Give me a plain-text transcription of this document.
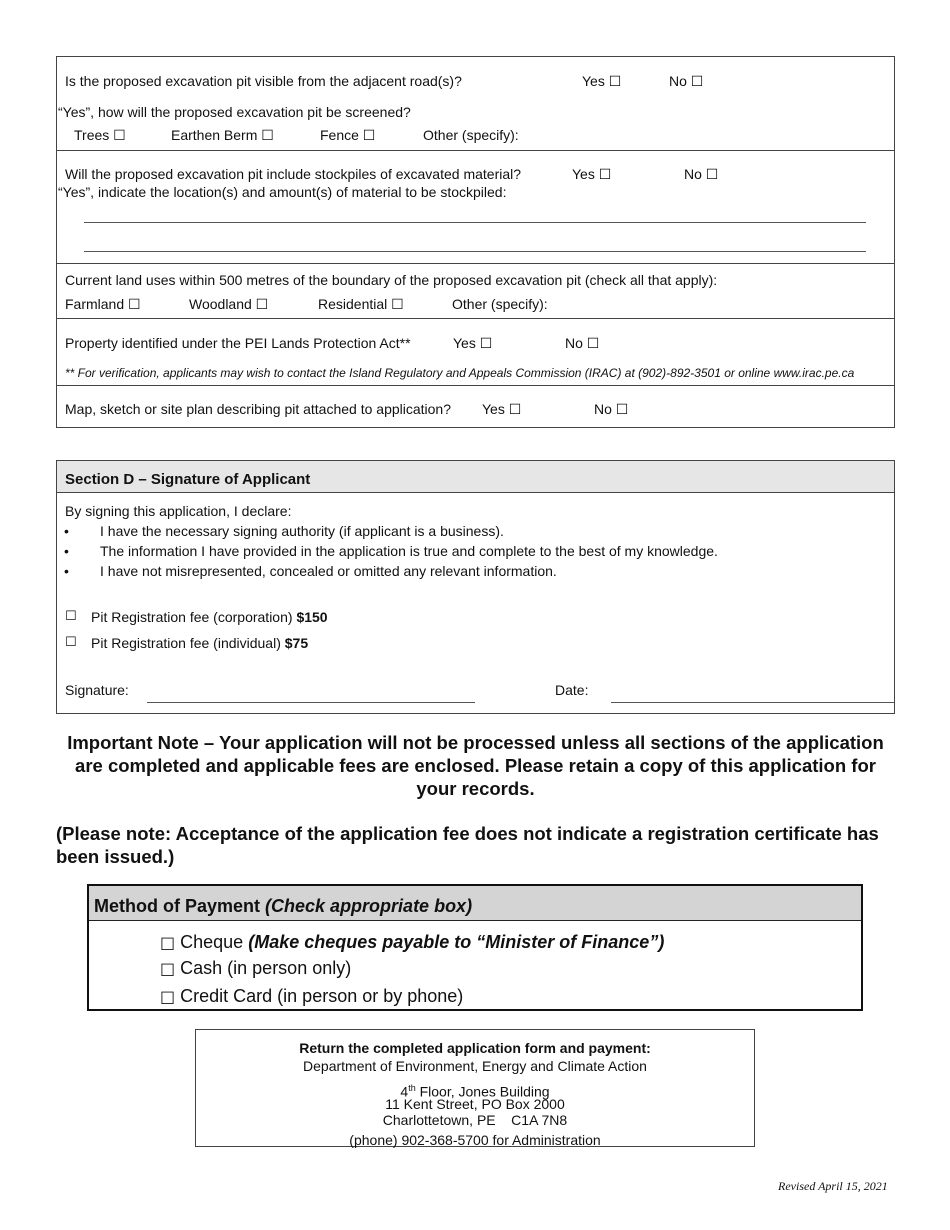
Is the proposed excavation pit visible from the adjacent road(s)?	Yes ☐	No ☐
“Yes”, how will the proposed excavation pit be screened?
Trees ☐	Earthen Berm ☐	Fence ☐	Other (specify):
Will the proposed excavation pit include stockpiles of excavated material?	Yes ☐	No ☐
“Yes”, indicate the location(s) and amount(s) of material to be stockpiled:
Current land uses within 500 metres of the boundary of the proposed excavation pit (check all that apply):
Farmland ☐	Woodland ☐	Residential ☐	Other (specify):
Property identified under the PEI Lands Protection Act**	Yes ☐	No ☐
** For verification, applicants may wish to contact the Island Regulatory and Appeals Commission (IRAC) at (902)-892-3501 or online www.irac.pe.ca
Map, sketch or site plan describing pit attached to application? Yes ☐	No ☐
Section D – Signature of Applicant
By signing this application, I declare:
• I have the necessary signing authority (if applicant is a business).
• The information I have provided in the application is true and complete to the best of my knowledge.
• I have not misrepresented, concealed or omitted any relevant information.
☐ Pit Registration fee (corporation) $150
☐ Pit Registration fee (individual) $75
Signature:	Date:
Important Note – Your application will not be processed unless all sections of the application are completed and applicable fees are enclosed. Please retain a copy of this application for your records.
(Please note: Acceptance of the application fee does not indicate a registration certificate has been issued.)
Method of Payment (Check appropriate box)
□ Cheque (Make cheques payable to “Minister of Finance”)
□ Cash (in person only)
□ Credit Card (in person or by phone)
Return the completed application form and payment:
Department of Environment, Energy and Climate Action
4th Floor, Jones Building
11 Kent Street, PO Box 2000
Charlottetown, PE    C1A 7N8
(phone) 902-368-5700 for Administration
Revised April 15, 2021
